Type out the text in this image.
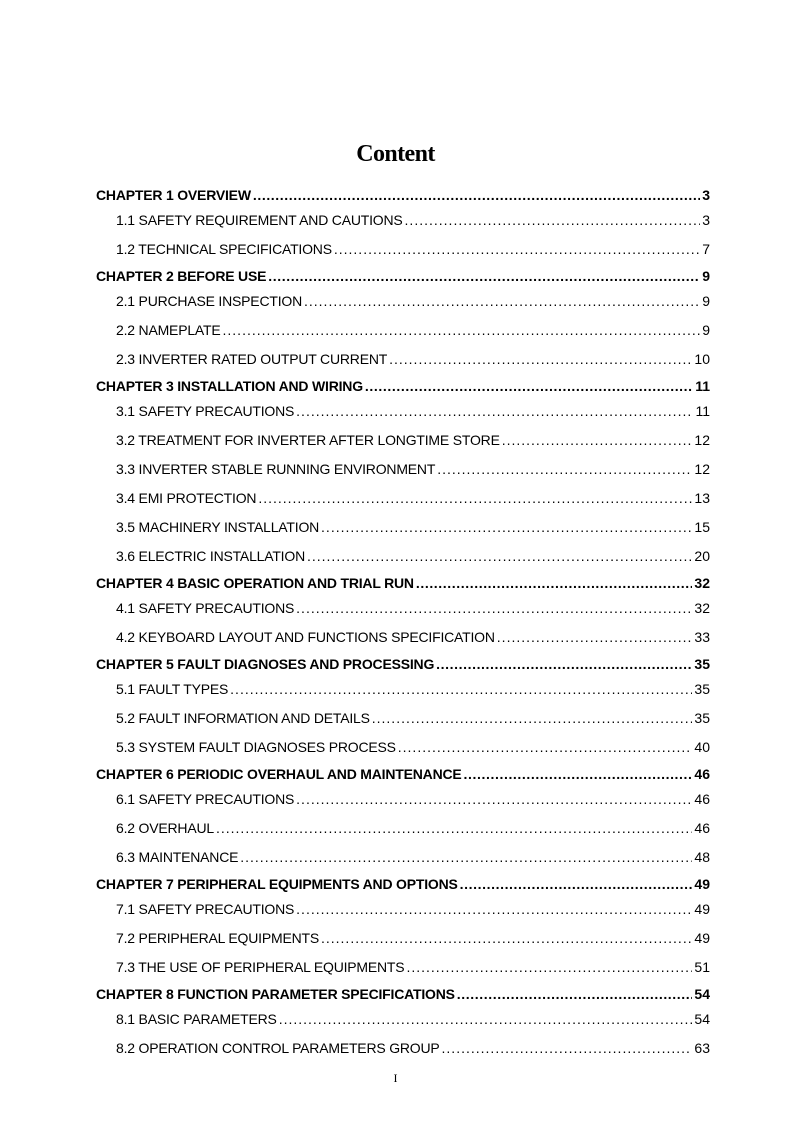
Content
CHAPTER 1 OVERVIEW .....	3
1.1 SAFETY REQUIREMENT AND CAUTIONS .....	3
1.2 TECHNICAL SPECIFICATIONS .....	7
CHAPTER 2 BEFORE USE .....	9
2.1 PURCHASE INSPECTION .....	9
2.2 NAMEPLATE .....	9
2.3 INVERTER RATED OUTPUT CURRENT .....	10
CHAPTER 3 INSTALLATION AND WIRING .....	11
3.1 SAFETY PRECAUTIONS .....	11
3.2 TREATMENT FOR INVERTER AFTER LONGTIME STORE .....	12
3.3 INVERTER STABLE RUNNING ENVIRONMENT .....	12
3.4 EMI PROTECTION .....	13
3.5 MACHINERY INSTALLATION .....	15
3.6 ELECTRIC INSTALLATION .....	20
CHAPTER 4 BASIC OPERATION AND TRIAL RUN .....	32
4.1 SAFETY PRECAUTIONS .....	32
4.2 KEYBOARD LAYOUT AND FUNCTIONS SPECIFICATION .....	33
CHAPTER 5 FAULT DIAGNOSES AND PROCESSING .....	35
5.1 FAULT TYPES .....	35
5.2 FAULT INFORMATION AND DETAILS .....	35
5.3 SYSTEM FAULT DIAGNOSES PROCESS .....	40
CHAPTER 6 PERIODIC OVERHAUL AND MAINTENANCE .....	46
6.1 SAFETY PRECAUTIONS .....	46
6.2 OVERHAUL .....	46
6.3 MAINTENANCE .....	48
CHAPTER 7 PERIPHERAL EQUIPMENTS AND OPTIONS .....	49
7.1 SAFETY PRECAUTIONS .....	49
7.2 PERIPHERAL EQUIPMENTS .....	49
7.3 THE USE OF PERIPHERAL EQUIPMENTS .....	51
CHAPTER 8 FUNCTION PARAMETER SPECIFICATIONS .....	54
8.1 BASIC PARAMETERS .....	54
8.2 OPERATION CONTROL PARAMETERS GROUP .....	63
I
